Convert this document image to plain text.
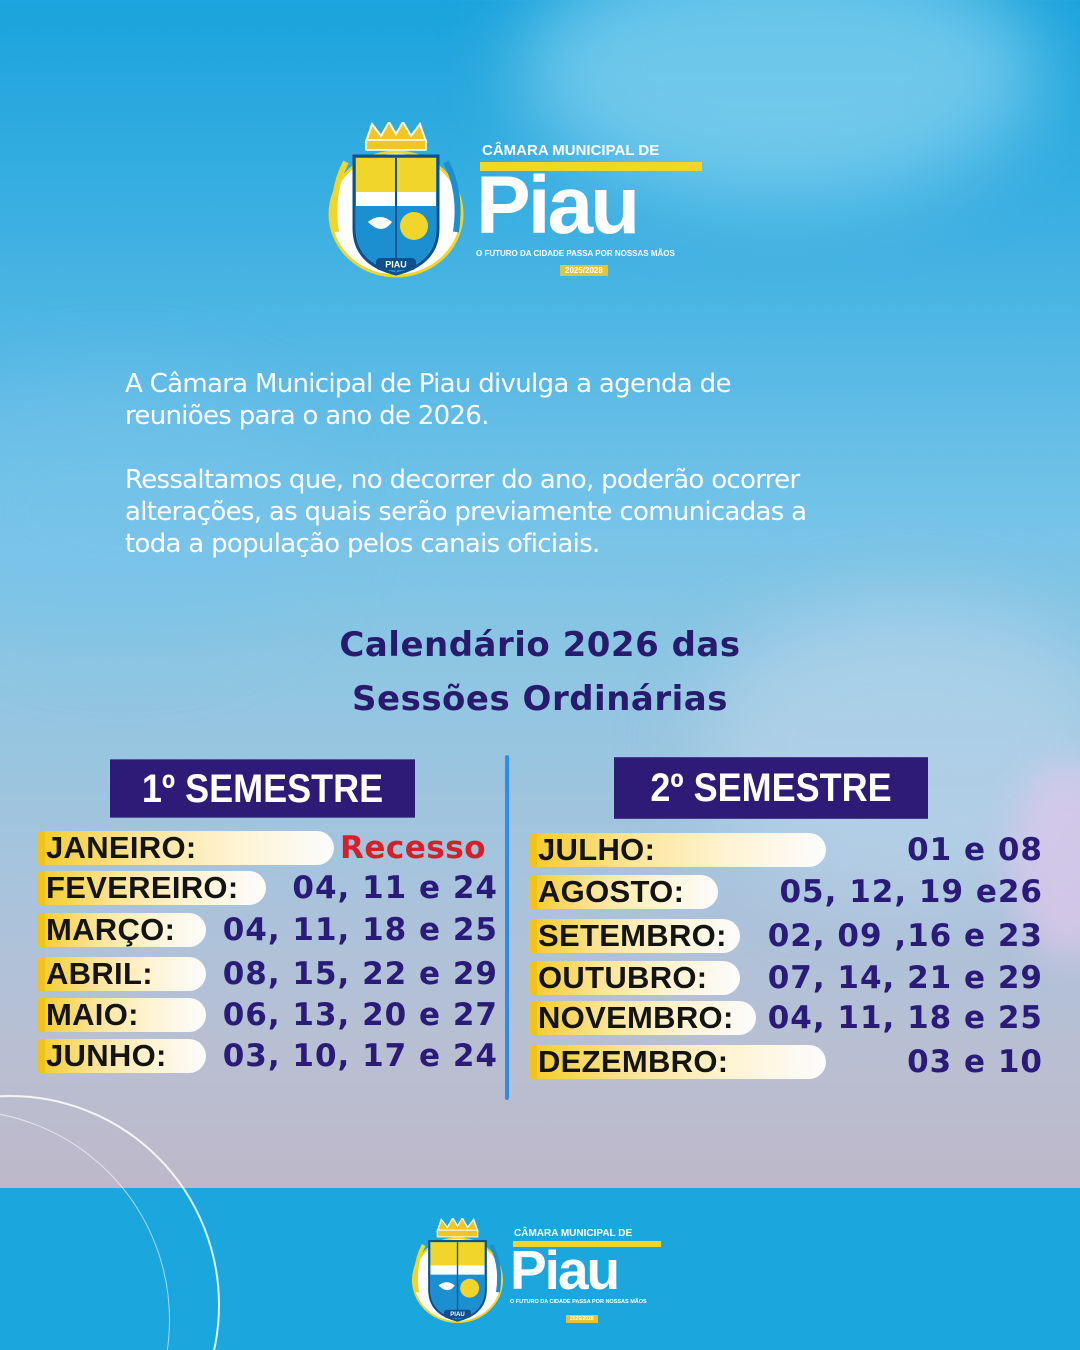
PIAU
CÂMARA MUNICIPAL DE
Piau
O FUTURO DA CIDADE PASSA POR NOSSAS MÃOS
2025/2028

A Câmara Municipal de Piau divulga a agenda de
reuniões para o ano de 2026.

Ressaltamos que, no decorrer do ano, poderão ocorrer
alterações, as quais serão previamente comunicadas a
toda a população pelos canais oficiais.

Calendário 2026 das
Sessões Ordinárias
1º SEMESTRE	2º SEMESTRE
JANEIRO:	Recesso
FEVEREIRO: 04, 11 e 24
MARÇO: 04, 11, 18 e 25
ABRIL: 08, 15, 22 e 29
MAIO:	06, 13, 20 e 27
JUNHO: 03, 10, 17 e 24
JULHO:	01 e 08
AGOSTO:	05, 12, 19 e26
SETEMBRO: 02, 09 ,16 e 23
OUTUBRO: 07, 14, 21 e 29
NOVEMBRO: 04, 11, 18 e 25
DEZEMBRO:	03 e 10
PIAU
CÂMARA MUNICIPAL DE
Piau
O FUTURO DA CIDADE PASSA POR NOSSAS MÃOS
2025/2028
